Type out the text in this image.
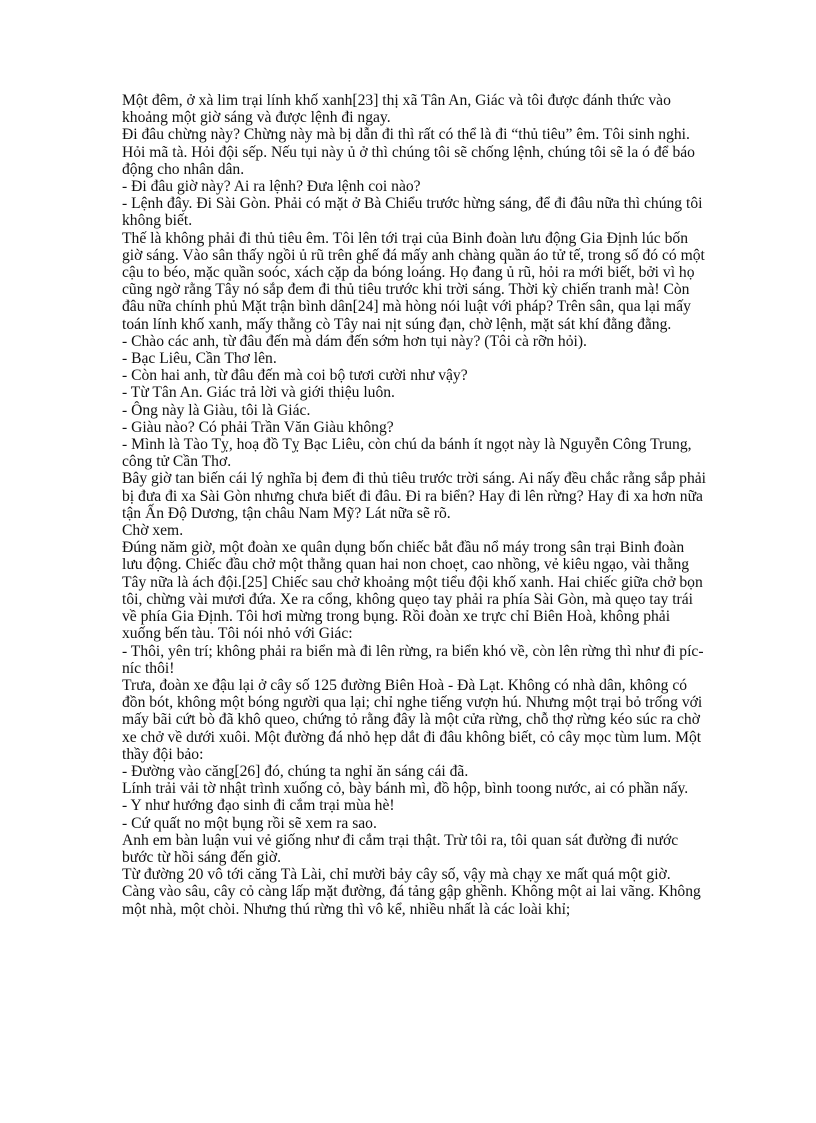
Một đêm, ở xà lim trại lính khố xanh[23] thị xã Tân An, Giác và tôi được đánh thức vào khoảng một giờ sáng và được lệnh đi ngay.

Đi đâu chừng này? Chừng này mà bị dẫn đi thì rất có thể là đi “thủ tiêu” êm. Tôi sinh nghi. Hỏi mã tà. Hỏi đội sếp. Nếu tụi này ủ ở thì chúng tôi sẽ chống lệnh, chúng tôi sẽ la ó để báo động cho nhân dân.

- Đi đâu giờ này? Ai ra lệnh? Đưa lệnh coi nào?

- Lệnh đây. Đi Sài Gòn. Phải có mặt ở Bà Chiểu trước hừng sáng, để đi đâu nữa thì chúng tôi không biết.

Thế là không phải đi thủ tiêu êm. Tôi lên tới trại của Binh đoàn lưu động Gia Định lúc bốn giờ sáng. Vào sân thấy ngồi ủ rũ trên ghế đá mấy anh chàng quần áo tử tế, trong số đó có một cậu to béo, mặc quần soóc, xách cặp da bóng loáng. Họ đang ủ rũ, hỏi ra mới biết, bởi vì họ cũng ngờ rằng Tây nó sắp đem đi thủ tiêu trước khi trời sáng. Thời kỳ chiến tranh mà! Còn đâu nữa chính phủ Mặt trận bình dân[24] mà hòng nói luật với pháp? Trên sân, qua lại mấy toán lính khố xanh, mấy thằng cò Tây nai nịt súng đạn, chờ lệnh, mặt sát khí đằng đằng.

- Chào các anh, từ đâu đến mà dám đến sớm hơn tụi này? (Tôi cà rỡn hỏi).

- Bạc Liêu, Cần Thơ lên.

- Còn hai anh, từ đâu đến mà coi bộ tươi cười như vậy?

- Từ Tân An. Giác trả lời và giới thiệu luôn.

- Ông này là Giàu, tôi là Giác.

- Giàu nào? Có phải Trần Văn Giàu không?

- Mình là Tào Tỵ, hoạ đồ Tỵ Bạc Liêu, còn chú da bánh ít ngọt này là Nguyễn Công Trung, công tử Cần Thơ.

Bây giờ tan biến cái lý nghĩa bị đem đi thủ tiêu trước trời sáng. Ai nấy đều chắc rằng sắp phải bị đưa đi xa Sài Gòn nhưng chưa biết đi đâu. Đi ra biển? Hay đi lên rừng? Hay đi xa hơn nữa tận Ấn Độ Dương, tận châu Nam Mỹ? Lát nữa sẽ rõ.

Chờ xem.

Đúng năm giờ, một đoàn xe quân dụng bốn chiếc bắt đầu nổ máy trong sân trại Binh đoàn lưu động. Chiếc đầu chở một thằng quan hai non choẹt, cao nhồng, vẻ kiêu ngạo, vài thằng Tây nữa là ách đội.[25] Chiếc sau chở khoảng một tiểu đội khố xanh. Hai chiếc giữa chở bọn tôi, chừng vài mươi đứa. Xe ra cổng, không quẹo tay phải ra phía Sài Gòn, mà quẹo tay trái về phía Gia Định. Tôi hơi mừng trong bụng. Rồi đoàn xe trực chỉ Biên Hoà, không phải xuống bến tàu. Tôi nói nhỏ với Giác:

- Thôi, yên trí; không phải ra biển mà đi lên rừng, ra biển khó về, còn lên rừng thì như đi píc-níc thôi!

Trưa, đoàn xe đậu lại ở cây số 125 đường Biên Hoà - Đà Lạt. Không có nhà dân, không có đồn bót, không một bóng người qua lại; chỉ nghe tiếng vượn hú. Nhưng một trại bỏ trống với mấy bãi cứt bò đã khô queo, chứng tỏ rằng đây là một cửa rừng, chỗ thợ rừng kéo súc ra chờ xe chở về dưới xuôi. Một đường đá nhỏ hẹp dắt đi đâu không biết, cỏ cây mọc tùm lum. Một thầy đội bảo:

- Đường vào căng[26] đó, chúng ta nghỉ ăn sáng cái đã.

Lính trải vải tờ nhật trình xuống cỏ, bày bánh mì, đồ hộp, bình toong nước, ai có phần nấy.

- Y như hướng đạo sinh đi cắm trại mùa hè!

- Cứ quất no một bụng rồi sẽ xem ra sao.

Anh em bàn luận vui vẻ giống như đi cắm trại thật. Trừ tôi ra, tôi quan sát đường đi nước bước từ hồi sáng đến giờ.

Từ đường 20 vô tới căng Tà Lài, chỉ mười bảy cây số, vậy mà chạy xe mất quá một giờ. Càng vào sâu, cây cỏ càng lấp mặt đường, đá tảng gập ghềnh. Không một ai lai vãng. Không một nhà, một chòi. Nhưng thú rừng thì vô kể, nhiều nhất là các loài khỉ;
